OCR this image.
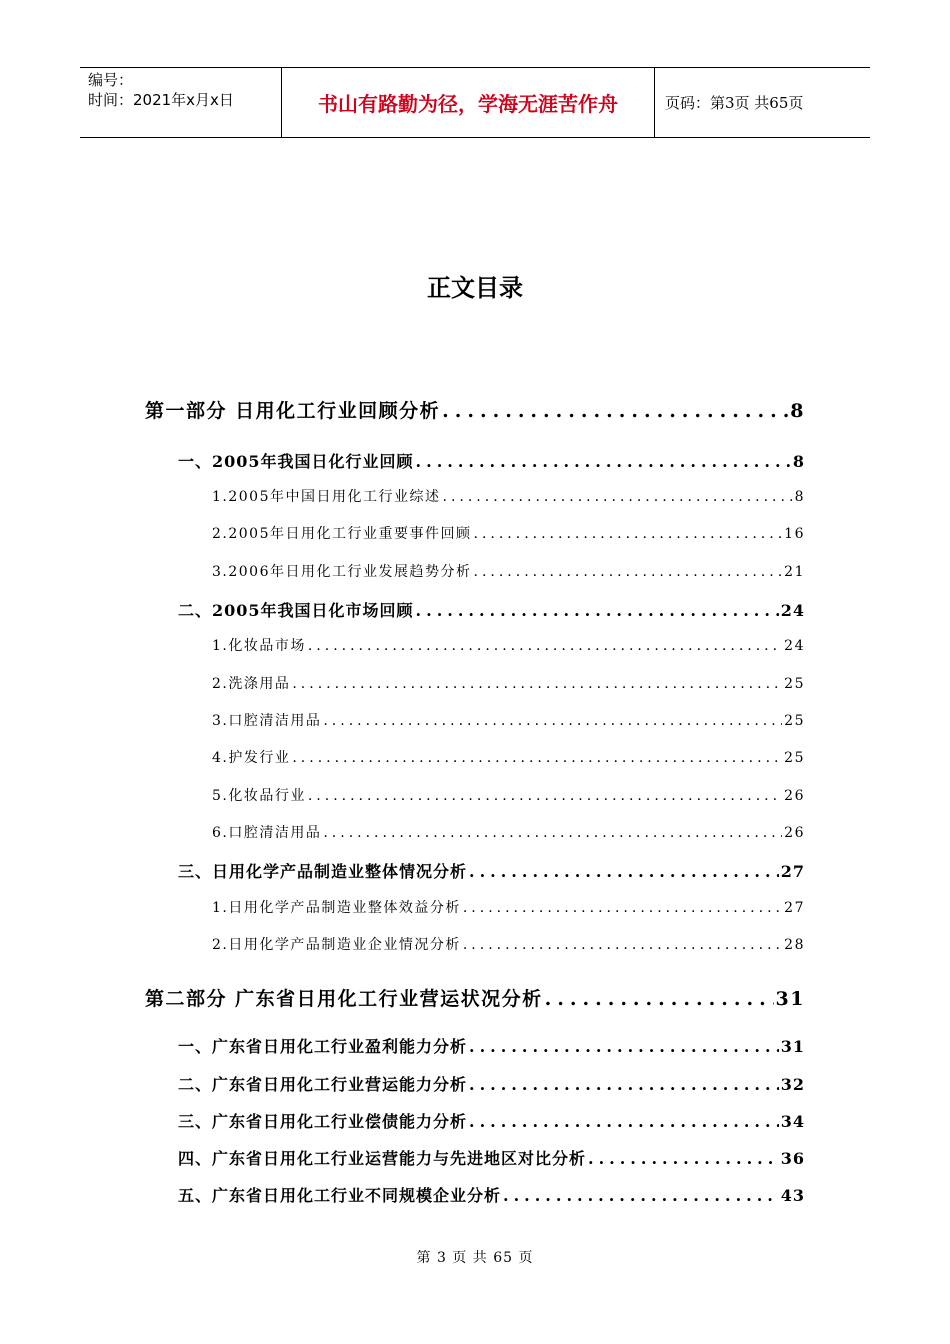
编号：
时间：2021年x月x日	书山有路勤为径，学海无涯苦作舟	页码：第3页 共65页
正文目录
第一部分 日用化工行业回顾分析 .....	8
一、2005年我国日化行业回顾 .....	8
1.2005年中国日用化工行业综述 .....	8
2.2005年日用化工行业重要事件回顾 .....	16
3.2006年日用化工行业发展趋势分析 .....	21
二、2005年我国日化市场回顾 .....	24
1.化妆品市场 .....	24
2.洗涤用品 .....	25
3.口腔清洁用品 .....	25
4.护发行业 .....	25
5.化妆品行业 .....	26
6.口腔清洁用品 .....	26
三、日用化学产品制造业整体情况分析 .....	27
1.日用化学产品制造业整体效益分析 .....	27
2.日用化学产品制造业企业情况分析 .....	28
第二部分 广东省日用化工行业营运状况分析 .....	31
一、广东省日用化工行业盈利能力分析 .....	31
二、广东省日用化工行业营运能力分析 .....	32
三、广东省日用化工行业偿债能力分析 .....	34
四、广东省日用化工行业运营能力与先进地区对比分析 .....	36
五、广东省日用化工行业不同规模企业分析 .....	43
第 3 页 共 65 页
